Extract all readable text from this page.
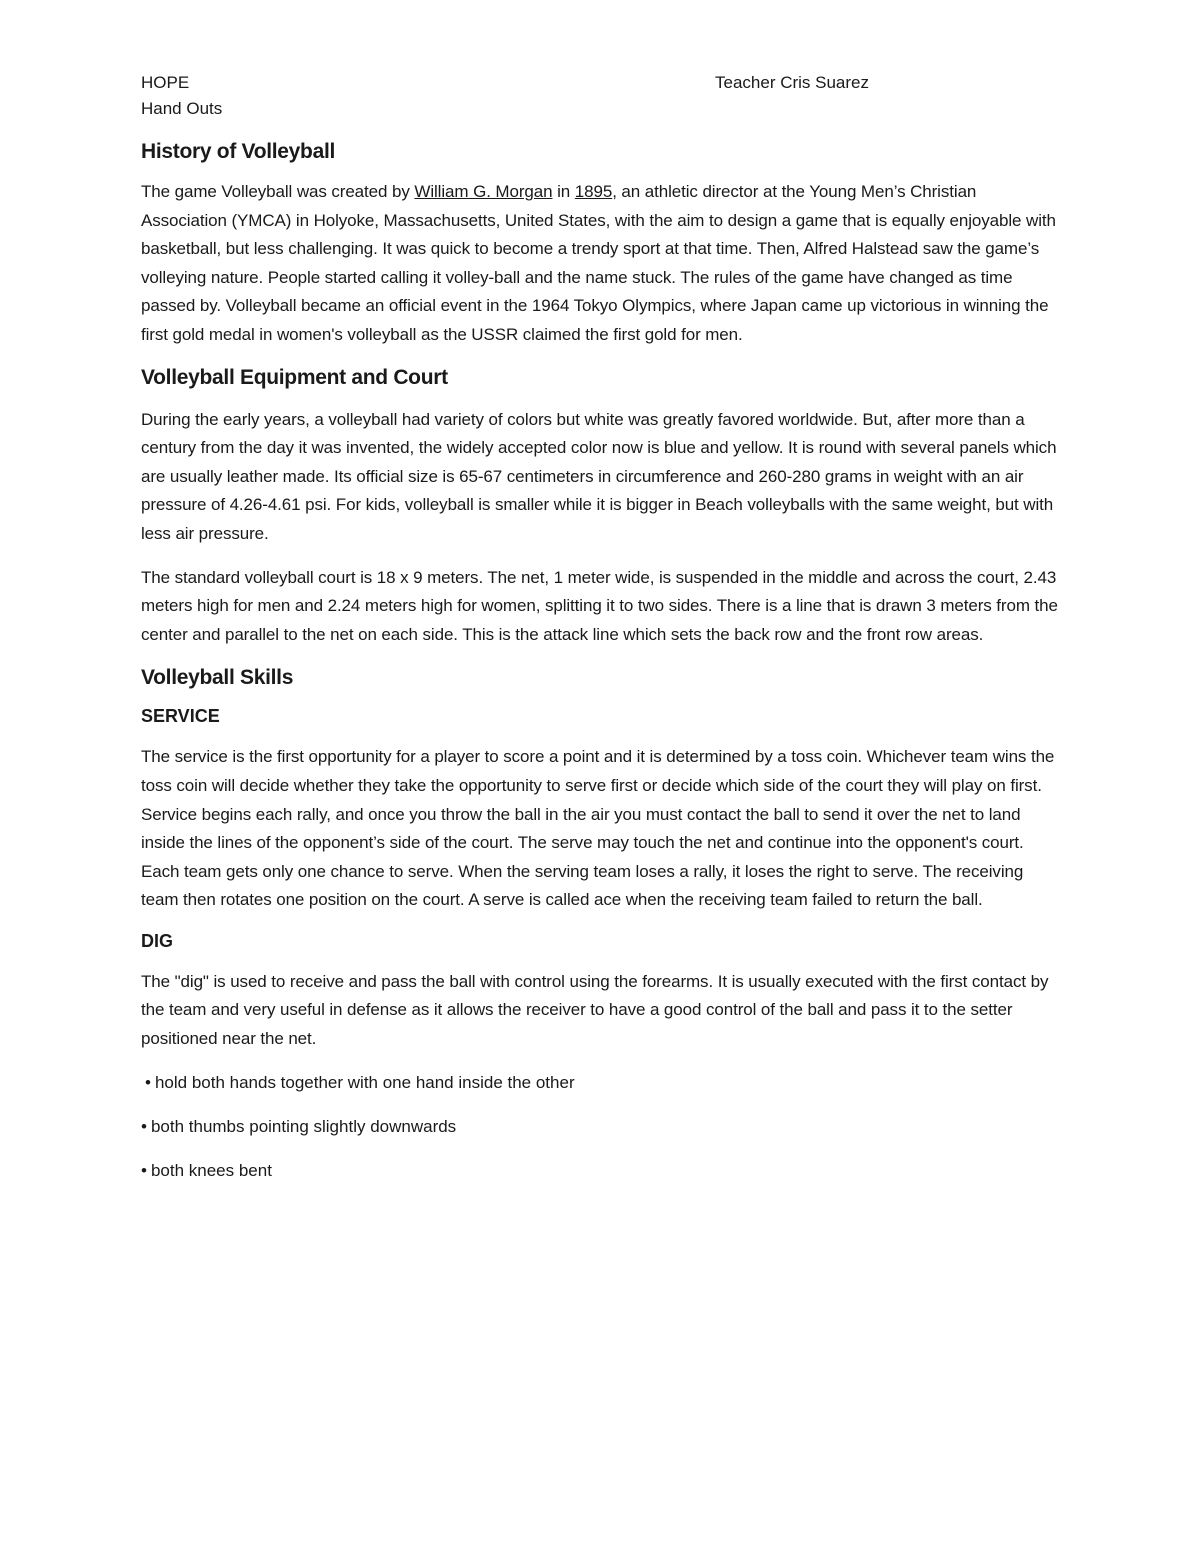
HOPE	Teacher Cris Suarez
Hand Outs
History of Volleyball

The game Volleyball was created by William G. Morgan in 1895, an athletic director at the Young Men’s Christian Association (YMCA) in Holyoke, Massachusetts, United States, with the aim to design a game that is equally enjoyable with basketball, but less challenging. It was quick to become a trendy sport at that time. Then, Alfred Halstead saw the game’s volleying nature. People started calling it volley-ball and the name stuck. The rules of the game have changed as time passed by. Volleyball became an official event in the 1964 Tokyo Olympics, where Japan came up victorious in winning the first gold medal in women's volleyball as the USSR claimed the first gold for men.

Volleyball Equipment and Court

During the early years, a volleyball had variety of colors but white was greatly favored worldwide. But, after more than a century from the day it was invented, the widely accepted color now is blue and yellow. It is round with several panels which are usually leather made. Its official size is 65-67 centimeters in circumference and 260-280 grams in weight with an air pressure of 4.26-4.61 psi. For kids, volleyball is smaller while it is bigger in Beach volleyballs with the same weight, but with less air pressure.

The standard volleyball court is 18 x 9 meters. The net, 1 meter wide, is suspended in the middle and across the court, 2.43 meters high for men and 2.24 meters high for women, splitting it to two sides. There is a line that is drawn 3 meters from the center and parallel to the net on each side. This is the attack line which sets the back row and the front row areas.

Volleyball Skills
SERVICE

The service is the first opportunity for a player to score a point and it is determined by a toss coin. Whichever team wins the toss coin will decide whether they take the opportunity to serve first or decide which side of the court they will play on first. Service begins each rally, and once you throw the ball in the air you must contact the ball to send it over the net to land inside the lines of the opponent’s side of the court. The serve may touch the net and continue into the opponent's court. Each team gets only one chance to serve. When the serving team loses a rally, it loses the right to serve. The receiving team then rotates one position on the court. A serve is called ace when the receiving team failed to return the ball.

DIG

The "dig" is used to receive and pass the ball with control using the forearms. It is usually executed with the first contact by the team and very useful in defense as it allows the receiver to have a good control of the ball and pass it to the setter positioned near the net.

• hold both hands together with one hand inside the other
• both thumbs pointing slightly downwards
• both knees bent
